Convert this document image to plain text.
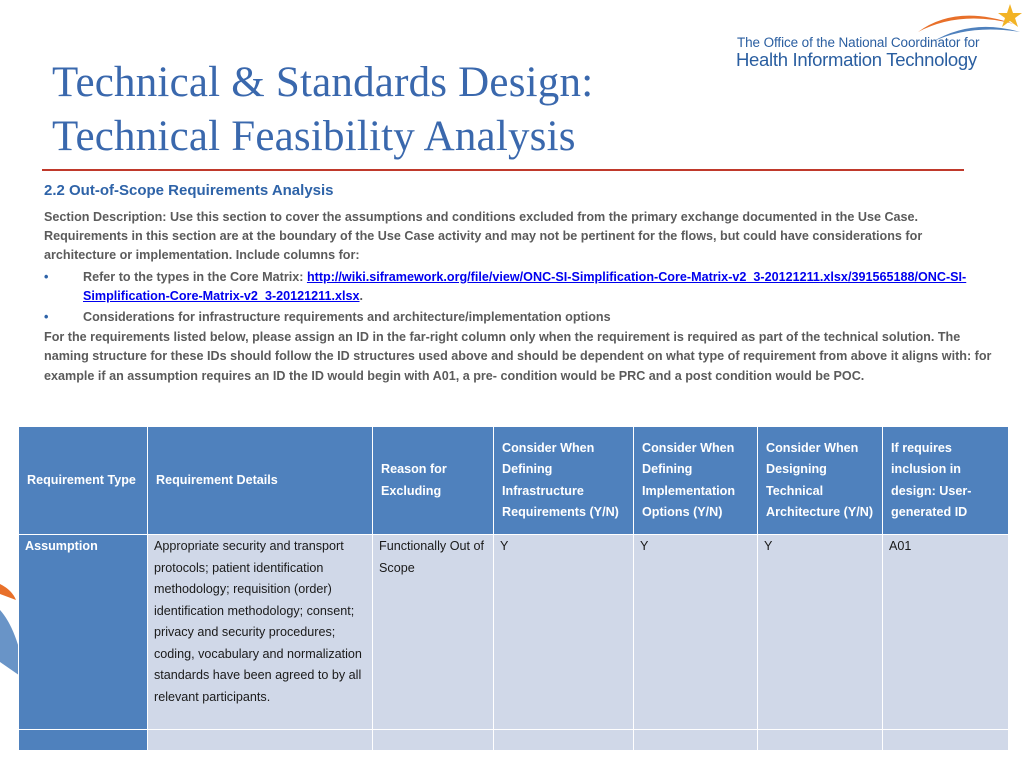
Technical & Standards Design:
Technical Feasibility Analysis
The Office of the National Coordinator for
Health Information Technology
2.2 Out-of-Scope Requirements Analysis

Section Description: Use this section to cover the assumptions and conditions excluded from the primary exchange documented in the Use Case. Requirements in this section are at the boundary of the Use Case activity and may not be pertinent for the flows, but could have considerations for architecture or implementation. Include columns for:

•	Refer to the types in the Core Matrix: http://wiki.siframework.org/file/view/ONC-SI-Simplification-Core-Matrix-v2_3-20121211.xlsx/391565188/ONC-SI-Simplification-Core-Matrix-v2_3-20121211.xlsx.
•	Considerations for infrastructure requirements and architecture/implementation options

For the requirements listed below, please assign an ID in the far-right column only when the requirement is required as part of the technical solution. The naming structure for these IDs should follow the ID structures used above and should be dependent on what type of requirement from above it aligns with: for example if an assumption requires an ID the ID would begin with A01, a pre- condition would be PRC and a post condition would be POC.

Requirement Type	Requirement Details	Reason for Excluding	Consider When Defining Infrastructure Requirements (Y/N)	Consider When Defining Implementation Options (Y/N)	Consider When Designing Technical Architecture (Y/N)	If requires inclusion in design: User-generated ID
Assumption	Appropriate security and transport protocols; patient identification methodology; requisition (order) identification methodology; consent; privacy and security procedures; coding, vocabulary and normalization standards have been agreed to by all relevant participants.	Functionally Out of Scope	Y	Y	Y	A01
